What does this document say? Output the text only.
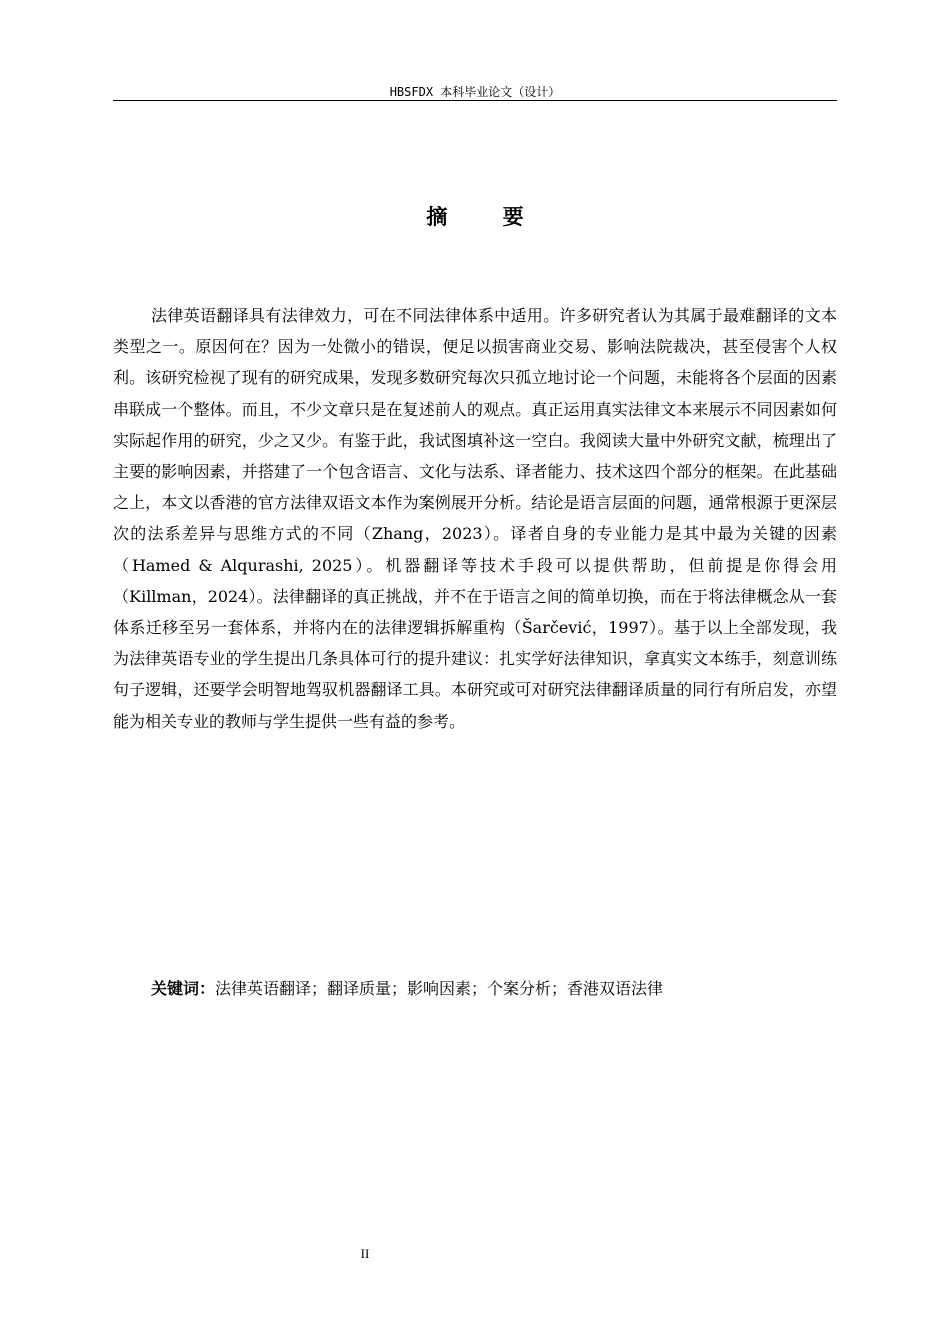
HBSFDX 本科毕业论文（设计）
摘 要

法律英语翻译具有法律效力，可在不同法律体系中适用。许多研究者认为其属于最难翻译的文本类型之一。原因何在？因为一处微小的错误，便足以损害商业交易、影响法院裁决，甚至侵害个人权利。该研究检视了现有的研究成果，发现多数研究每次只孤立地讨论一个问题，未能将各个层面的因素串联成一个整体。而且，不少文章只是在复述前人的观点。真正运用真实法律文本来展示不同因素如何实际起作用的研究，少之又少。有鉴于此，我试图填补这一空白。我阅读大量中外研究文献，梳理出了主要的影响因素，并搭建了一个包含语言、文化与法系、译者能力、技术这四个部分的框架。在此基础之上，本文以香港的官方法律双语文本作为案例展开分析。结论是语言层面的问题，通常根源于更深层次的法系差异与思维方式的不同（Zhang，2023）。译者自身的专业能力是其中最为关键的因素（Hamed & Alqurashi, 2025）。机器翻译等技术手段可以提供帮助，但前提是你得会用（Killman，2024）。法律翻译的真正挑战，并不在于语言之间的简单切换，而在于将法律概念从一套体系迁移至另一套体系，并将内在的法律逻辑拆解重构（Šarčević，1997）。基于以上全部发现，我为法律英语专业的学生提出几条具体可行的提升建议：扎实学好法律知识，拿真实文本练手，刻意训练句子逻辑，还要学会明智地驾驭机器翻译工具。本研究或可对研究法律翻译质量的同行有所启发，亦望能为相关专业的教师与学生提供一些有益的参考。

关键词：法律英语翻译；翻译质量；影响因素；个案分析；香港双语法律
II
